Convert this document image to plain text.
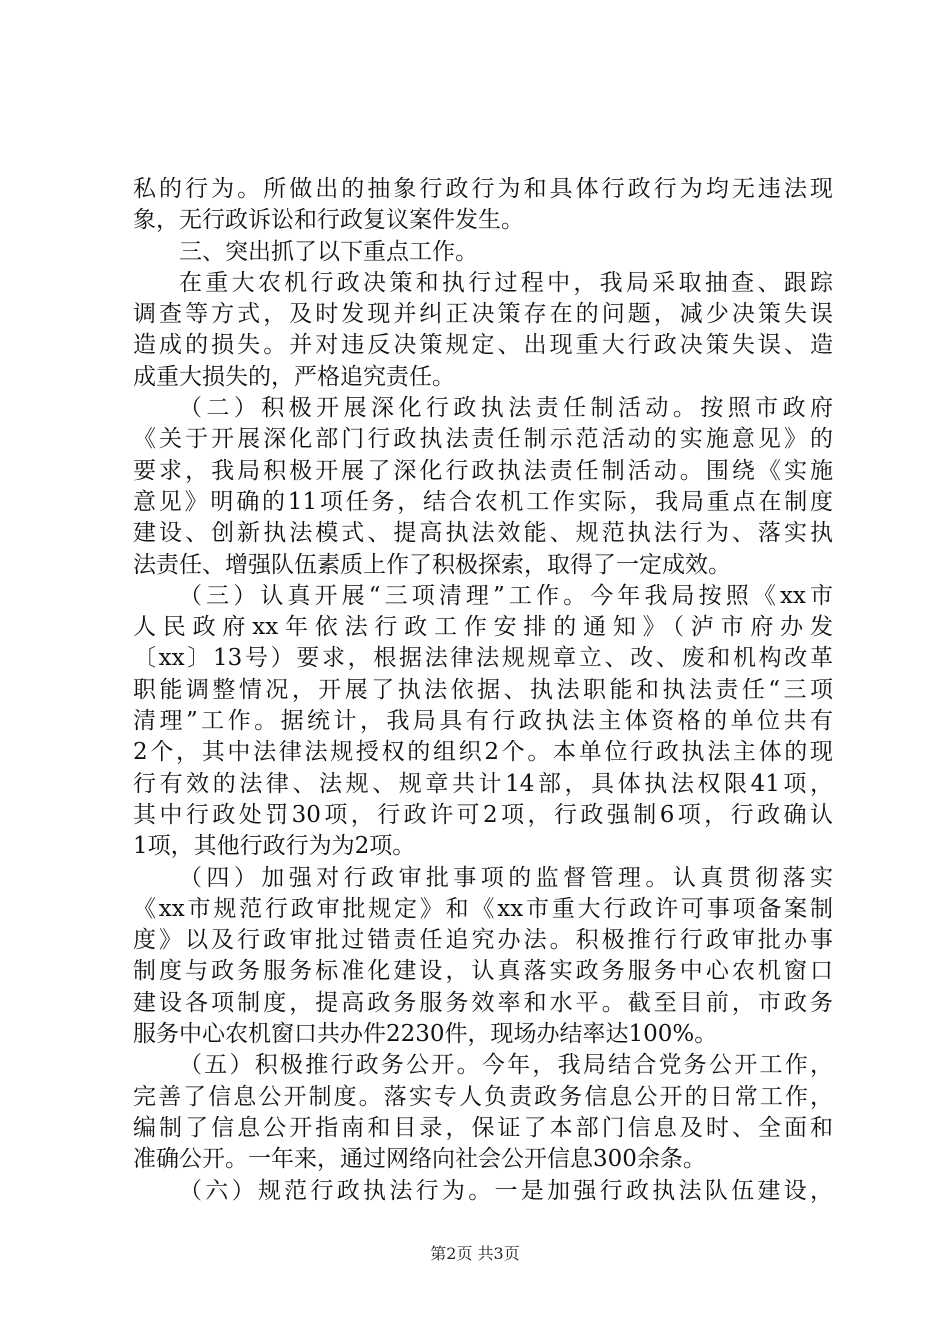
私的行为。所做出的抽象行政行为和具体行政行为均无违法现
象，无行政诉讼和行政复议案件发生。
三、突出抓了以下重点工作。
在重大农机行政决策和执行过程中，我局采取抽查、跟踪
调查等方式，及时发现并纠正决策存在的问题，减少决策失误
造成的损失。并对违反决策规定、出现重大行政决策失误、造
成重大损失的，严格追究责任。
（二）积极开展深化行政执法责任制活动。按照市政府
《关于开展深化部门行政执法责任制示范活动的实施意见》的
要求，我局积极开展了深化行政执法责任制活动。围绕《实施
意见》明确的11项任务，结合农机工作实际，我局重点在制度
建设、创新执法模式、提高执法效能、规范执法行为、落实执
法责任、增强队伍素质上作了积极探索，取得了一定成效。
（三）认真开展“三项清理”工作。今年我局按照《xx市
人民政府xx年依法行政工作安排的通知》（泸市府办发
〔xx〕13号）要求，根据法律法规规章立、改、废和机构改革
职能调整情况，开展了执法依据、执法职能和执法责任“三项
清理”工作。据统计，我局具有行政执法主体资格的单位共有
2个，其中法律法规授权的组织2个。本单位行政执法主体的现
行有效的法律、法规、规章共计14部，具体执法权限41项，
其中行政处罚30项，行政许可2项，行政强制6项，行政确认
1项，其他行政行为为2项。
（四）加强对行政审批事项的监督管理。认真贯彻落实
《xx市规范行政审批规定》和《xx市重大行政许可事项备案制
度》以及行政审批过错责任追究办法。积极推行行政审批办事
制度与政务服务标准化建设，认真落实政务服务中心农机窗口
建设各项制度，提高政务服务效率和水平。截至目前，市政务
服务中心农机窗口共办件2230件，现场办结率达100%。
（五）积极推行政务公开。今年，我局结合党务公开工作，
完善了信息公开制度。落实专人负责政务信息公开的日常工作，
编制了信息公开指南和目录，保证了本部门信息及时、全面和
准确公开。一年来，通过网络向社会公开信息300余条。
（六）规范行政执法行为。一是加强行政执法队伍建设，
第2页 共3页
